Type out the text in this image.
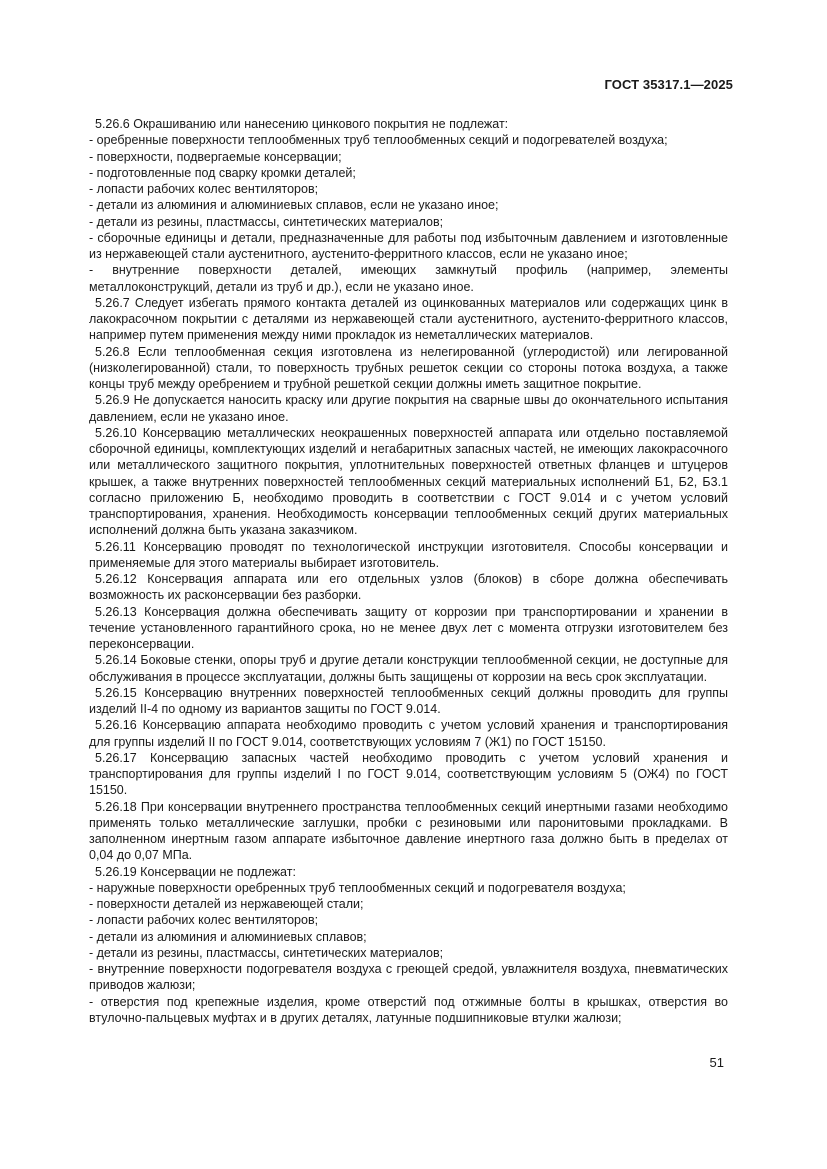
ГОСТ 35317.1—2025

5.26.6 Окрашиванию или нанесению цинкового покрытия не подлежат:

- оребренные поверхности теплообменных труб теплообменных секций и подогревателей воздуха;

- поверхности, подвергаемые консервации;

- подготовленные под сварку кромки деталей;

- лопасти рабочих колес вентиляторов;

- детали из алюминия и алюминиевых сплавов, если не указано иное;

- детали из резины, пластмассы, синтетических материалов;

- сборочные единицы и детали, предназначенные для работы под избыточным давлением и изготовленные из нержавеющей стали аустенитного, аустенито-ферритного классов, если не указано иное;

- внутренние поверхности деталей, имеющих замкнутый профиль (например, элементы металлоконструкций, детали из труб и др.), если не указано иное.

5.26.7 Следует избегать прямого контакта деталей из оцинкованных материалов или содержащих цинк в лакокрасочном покрытии с деталями из нержавеющей стали аустенитного, аустенито-ферритного классов, например путем применения между ними прокладок из неметаллических материалов.

5.26.8 Если теплообменная секция изготовлена из нелегированной (углеродистой) или легированной (низколегированной) стали, то поверхность трубных решеток секции со стороны потока воздуха, а также концы труб между оребрением и трубной решеткой секции должны иметь защитное покрытие.

5.26.9 Не допускается наносить краску или другие покрытия на сварные швы до окончательного испытания давлением, если не указано иное.

5.26.10 Консервацию металлических неокрашенных поверхностей аппарата или отдельно поставляемой сборочной единицы, комплектующих изделий и негабаритных запасных частей, не имеющих лакокрасочного или металлического защитного покрытия, уплотнительных поверхностей ответных фланцев и штуцеров крышек, а также внутренних поверхностей теплообменных секций материальных исполнений Б1, Б2, Б3.1 согласно приложению Б, необходимо проводить в соответствии с ГОСТ 9.014 и с учетом условий транспортирования, хранения. Необходимость консервации теплообменных секций других материальных исполнений должна быть указана заказчиком.

5.26.11 Консервацию проводят по технологической инструкции изготовителя. Способы консервации и применяемые для этого материалы выбирает изготовитель.

5.26.12 Консервация аппарата или его отдельных узлов (блоков) в сборе должна обеспечивать возможность их расконсервации без разборки.

5.26.13 Консервация должна обеспечивать защиту от коррозии при транспортировании и хранении в течение установленного гарантийного срока, но не менее двух лет с момента отгрузки изготовителем без переконсервации.

5.26.14 Боковые стенки, опоры труб и другие детали конструкции теплообменной секции, не доступные для обслуживания в процессе эксплуатации, должны быть защищены от коррозии на весь срок эксплуатации.

5.26.15 Консервацию внутренних поверхностей теплообменных секций должны проводить для группы изделий II-4 по одному из вариантов защиты по ГОСТ 9.014.

5.26.16 Консервацию аппарата необходимо проводить с учетом условий хранения и транспортирования для группы изделий II по ГОСТ 9.014, соответствующих условиям 7 (Ж1) по ГОСТ 15150.

5.26.17 Консервацию запасных частей необходимо проводить с учетом условий хранения и транспортирования для группы изделий I по ГОСТ 9.014, соответствующим условиям 5 (ОЖ4) по ГОСТ 15150.

5.26.18 При консервации внутреннего пространства теплообменных секций инертными газами необходимо применять только металлические заглушки, пробки с резиновыми или паронитовыми прокладками. В заполненном инертным газом аппарате избыточное давление инертного газа должно быть в пределах от 0,04 до 0,07 МПа.

5.26.19 Консервации не подлежат:

- наружные поверхности оребренных труб теплообменных секций и подогревателя воздуха;

- поверхности деталей из нержавеющей стали;

- лопасти рабочих колес вентиляторов;

- детали из алюминия и алюминиевых сплавов;

- детали из резины, пластмассы, синтетических материалов;

- внутренние поверхности подогревателя воздуха с греющей средой, увлажнителя воздуха, пневматических приводов жалюзи;

- отверстия под крепежные изделия, кроме отверстий под отжимные болты в крышках, отверстия во втулочно-пальцевых муфтах и в других деталях, латунные подшипниковые втулки жалюзи;

51
